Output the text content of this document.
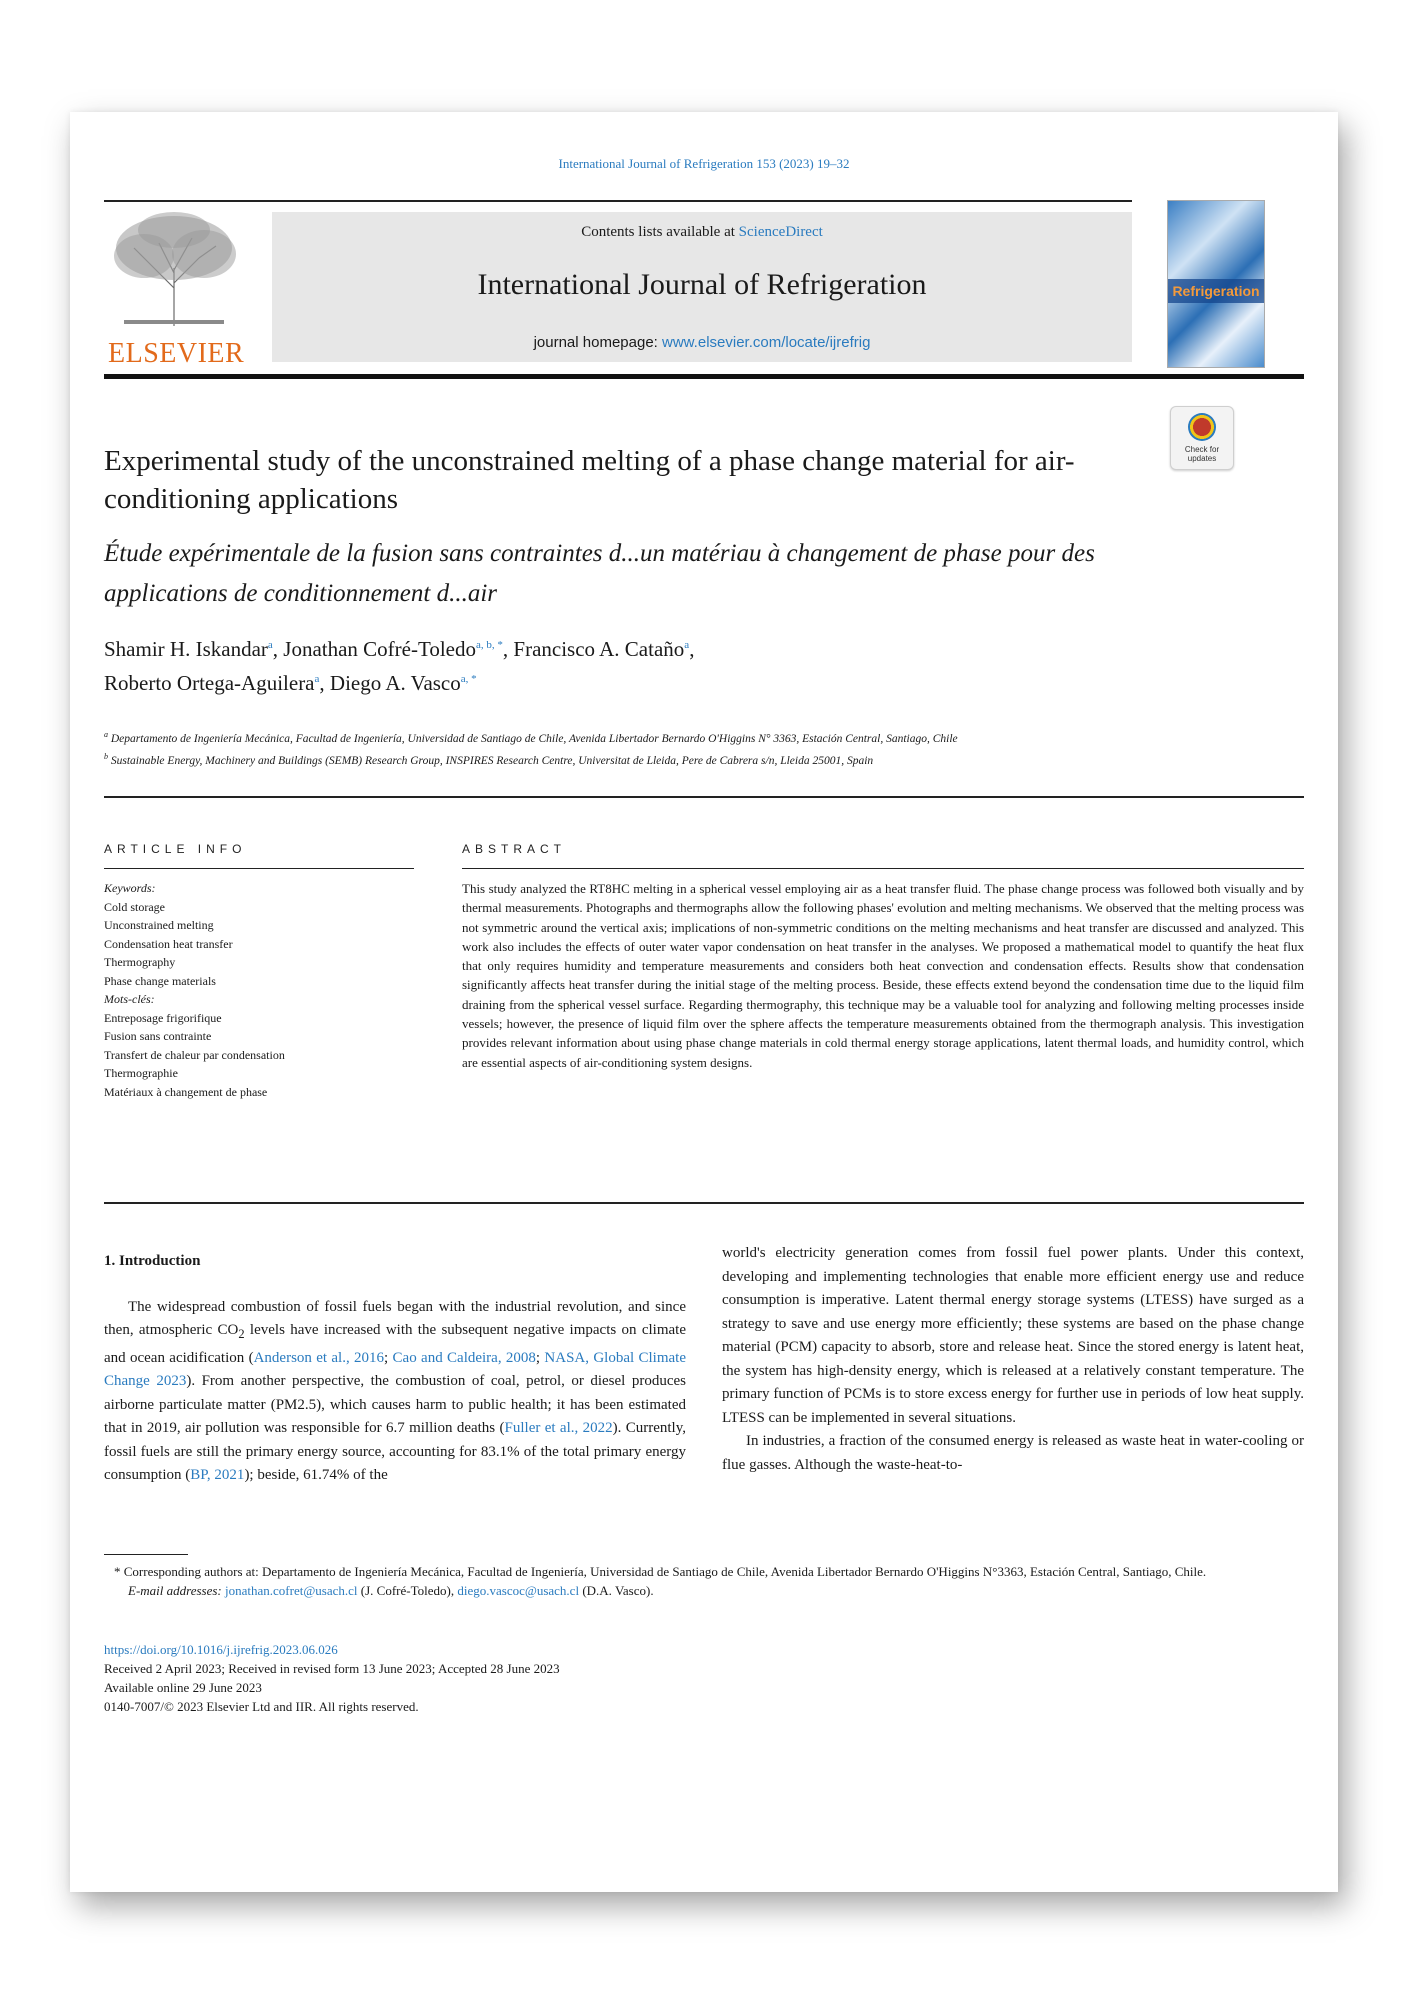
International Journal of Refrigeration 153 (2023) 19–32
ELSEVIER
Contents lists available at ScienceDirect
International Journal of Refrigeration
journal homepage: www.elsevier.com/locate/ijrefrig
Refrigeration
Check for updates
Experimental study of the unconstrained melting of a phase change material for air-conditioning applications
Étude expérimentale de la fusion sans contraintes d...un matériau à changement de phase pour des applications de conditionnement d...air
Shamir H. Iskandar$^a$, Jonathan Cofré-Toledo$^{a, b, *}$, Francisco A. Cataño$^a$,
Roberto Ortega-Aguilera$^a$, Diego A. Vasco$^{a, *}$
$^a$ Departamento de Ingeniería Mecánica, Facultad de Ingeniería, Universidad de Santiago de Chile, Avenida Libertador Bernardo O'Higgins N° 3363, Estación Central, Santiago, Chile
$^b$ Sustainable Energy, Machinery and Buildings (SEMB) Research Group, INSPIRES Research Centre, Universitat de Lleida, Pere de Cabrera s/n, Lleida 25001, Spain
ARTICLE INFO
Keywords:
Cold storage
Unconstrained melting
Condensation heat transfer
Thermography
Phase change materials
Mots-clés:
Entreposage frigorifique
Fusion sans contrainte
Transfert de chaleur par condensation
Thermographie
Matériaux à changement de phase
ABSTRACT
This study analyzed the RT8HC melting in a spherical vessel employing air as a heat transfer fluid. The phase change process was followed both visually and by thermal measurements. Photographs and thermographs allow the following phases' evolution and melting mechanisms. We observed that the melting process was not symmetric around the vertical axis; implications of non-symmetric conditions on the melting mechanisms and heat transfer are discussed and analyzed. This work also includes the effects of outer water vapor condensation on heat transfer in the analyses. We proposed a mathematical model to quantify the heat flux that only requires humidity and temperature measurements and considers both heat convection and condensation effects. Results show that condensation significantly affects heat transfer during the initial stage of the melting process. Beside, these effects extend beyond the condensation time due to the liquid film draining from the spherical vessel surface. Regarding thermography, this technique may be a valuable tool for analyzing and following melting processes inside vessels; however, the presence of liquid film over the sphere affects the temperature measurements obtained from the thermograph analysis. This investigation provides relevant information about using phase change materials in cold thermal energy storage applications, latent thermal loads, and humidity control, which are essential aspects of air-conditioning system designs.
1. Introduction

The widespread combustion of fossil fuels began with the industrial revolution, and since then, atmospheric $CO_2$ levels have increased with the subsequent negative impacts on climate and ocean acidification (Anderson et al., 2016; Cao and Caldeira, 2008; NASA, Global Climate Change 2023). From another perspective, the combustion of coal, petrol, or diesel produces airborne particulate matter (PM2.5), which causes harm to public health; it has been estimated that in 2019, air pollution was responsible for 6.7 million deaths (Fuller et al., 2022). Currently, fossil fuels are still the primary energy source, accounting for 83.1% of the total primary energy consumption (BP, 2021); beside, 61.74% of the

world's electricity generation comes from fossil fuel power plants. Under this context, developing and implementing technologies that enable more efficient energy use and reduce consumption is imperative. Latent thermal energy storage systems (LTESS) have surged as a strategy to save and use energy more efficiently; these systems are based on the phase change material (PCM) capacity to absorb, store and release heat. Since the stored energy is latent heat, the system has high-density energy, which is released at a relatively constant temperature. The primary function of PCMs is to store excess energy for further use in periods of low heat supply. LTESS can be implemented in several situations.

In industries, a fraction of the consumed energy is released as waste heat in water-cooling or flue gasses. Although the waste-heat-to-

* Corresponding authors at: Departamento de Ingeniería Mecánica, Facultad de Ingeniería, Universidad de Santiago de Chile, Avenida Libertador Bernardo O'Higgins N°3363, Estación Central, Santiago, Chile.

E-mail addresses: jonathan.cofret@usach.cl (J. Cofré-Toledo), diego.vascoc@usach.cl (D.A. Vasco).

https://doi.org/10.1016/j.ijrefrig.2023.06.026
Received 2 April 2023; Received in revised form 13 June 2023; Accepted 28 June 2023
Available online 29 June 2023
0140-7007/© 2023 Elsevier Ltd and IIR. All rights reserved.
